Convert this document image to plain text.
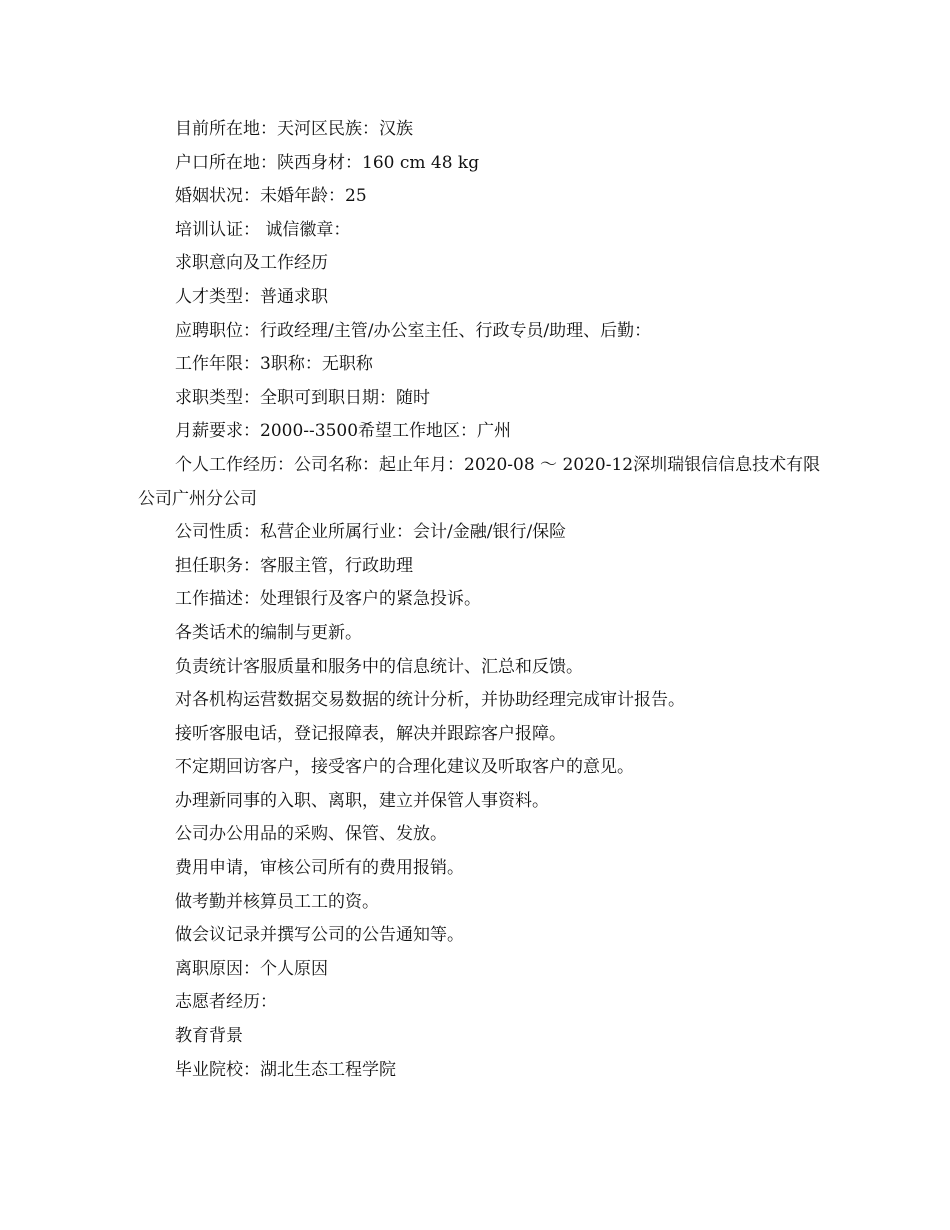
目前所在地：天河区民族：汉族
户口所在地：陕西身材：160 cm 48 kg
婚姻状况：未婚年龄：25
培训认证： 诚信徽章：
求职意向及工作经历
人才类型：普通求职
应聘职位：行政经理/主管/办公室主任、行政专员/助理、后勤：
工作年限：3职称：无职称
求职类型：全职可到职日期：随时
月薪要求：2000--3500希望工作地区：广州
个人工作经历：公司名称：起止年月：2020-08 ～ 2020-12深圳瑞银信信息技术有限公司广州分公司
公司性质：私营企业所属行业：会计/金融/银行/保险
担任职务：客服主管，行政助理
工作描述：处理银行及客户的紧急投诉。
各类话术的编制与更新。
负责统计客服质量和服务中的信息统计、汇总和反馈。
对各机构运营数据交易数据的统计分析，并协助经理完成审计报告。
接听客服电话，登记报障表，解决并跟踪客户报障。
不定期回访客户，接受客户的合理化建议及听取客户的意见。
办理新同事的入职、离职，建立并保管人事资料。
公司办公用品的采购、保管、发放。
费用申请，审核公司所有的费用报销。
做考勤并核算员工工的资。
做会议记录并撰写公司的公告通知等。
离职原因：个人原因
志愿者经历：
教育背景
毕业院校：湖北生态工程学院
